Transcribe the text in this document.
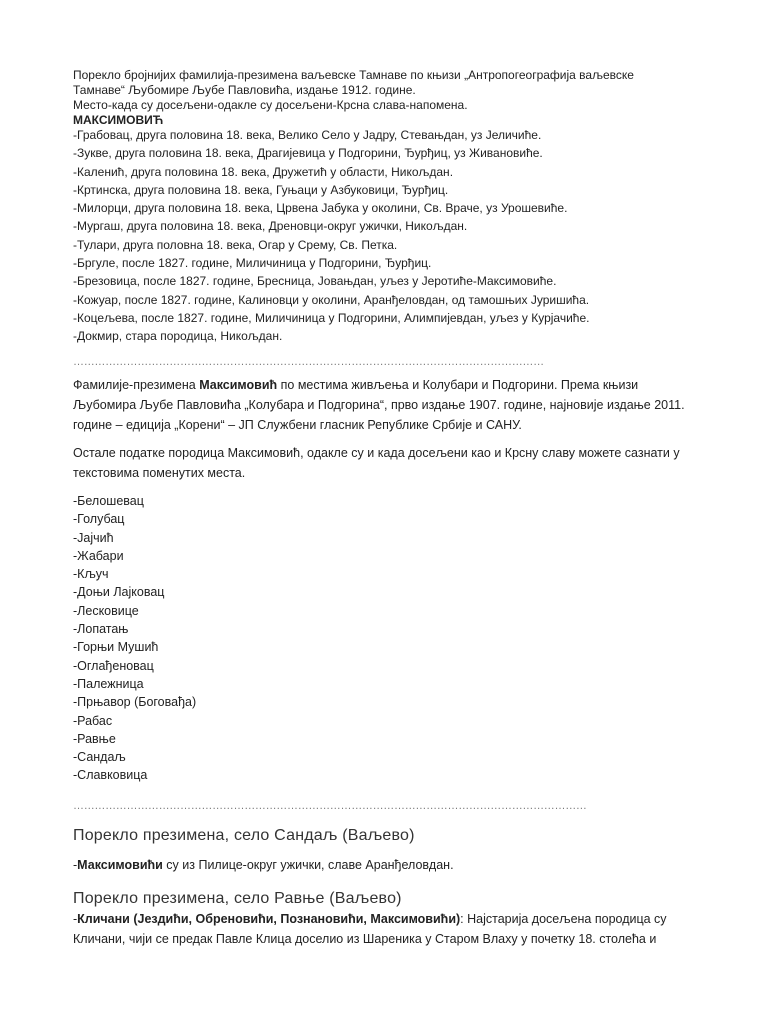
Порекло бројнијих фамилија-презимена ваљевске Тамнаве по књизи „Антропогеографија ваљевске
Тамнаве“ Љубомире Љубе Павловића, издање 1912. године.
Место-када су досељени-одакле су досељени-Крсна слава-напомена.
МАКСИМОВИЋ
-Грабовац, друга половина 18. века, Велико Село у Јадру, Стевањдан, уз Јеличиће.
-Зукве, друга половина 18. века, Драгијевица у Подгорини, Ђурђиц, уз Живановиће.
-Каленић, друга половина 18. века, Дружетић у области, Никољдан.
-Кртинска, друга половина 18. века, Гуњаци у Азбуковици, Ђурђиц.
-Милорци, друга половина 18. века, Црвена Јабука у околини, Св. Враче, уз Урошевиће.
-Мургаш, друга половина 18. века, Дреновци-округ ужички, Никољдан.
-Тулари, друга половна 18. века, Огар у Срему, Св. Петка.
-Бргуле, после 1827. године, Миличиница у Подгорини, Ђурђиц.
-Брезовица, после 1827. године, Бресница, Јовањдан, уљез у Јеротиће-Максимовиће.
-Кожуар, после 1827. године, Калиновци у околини, Аранђеловдан, од тамошњих Јуришића.
-Коцељева, после 1827. године, Миличиница у Подгорини, Алимпијевдан, уљез у Курјачиће.
-Докмир, стара породица, Никољдан.
……………………………………………………………………………………………………………………
Фамилије-презимена Максимовић по местима живљења и Колубари и Подгорини. Према књизи Љубомира Љубе Павловића „Колубара и Подгорина“, прво издање 1907. године, најновије издање 2011. године – едиција „Корени“ – ЈП Службени гласник Републике Србије и САНУ.
Остале податке породица Максимовић, одакле су и када досељени као и Крсну славу можете сазнати у текстовима поменутих места.
-Белошевац
-Голубац
-Јајчић
-Жабари
-Кључ
-Доњи Лајковац
-Лесковице
-Лопатањ
-Горњи Мушић
-Оглађеновац
-Палежница
-Прњавор (Боговађа)
-Рабас
-Равње
-Сандаљ
-Славковица
………………………………………………………………………………………………………………………………
Порекло презимена, село Сандаљ (Ваљево)
-Максимовићи су из Пилице-округ ужички, славе Аранђеловдан.
Порекло презимена, село Равње (Ваљево)
-Кличани (Јездићи, Обреновићи, Познановићи, Максимовићи): Најстарија досељена породица су Кличани, чији се предак Павле Клица доселио из Шареника у Старом Влаху у почетку 18. столећа и
